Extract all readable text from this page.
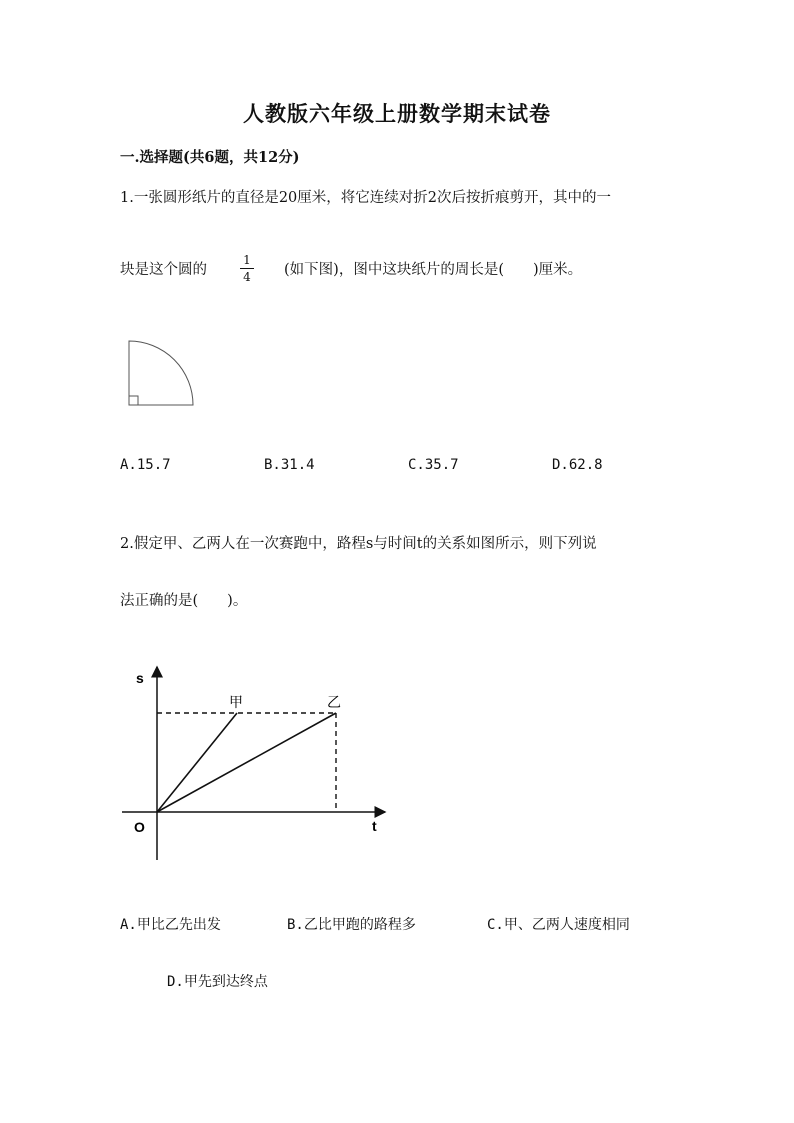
人教版六年级上册数学期末试卷
一.选择题(共6题，共12分)
1.一张圆形纸片的直径是20厘米，将它连续对折2次后按折痕剪开，其中的一
块是这个圆的
1
4	(如下图)，图中这块纸片的周长是(　　)厘米。
A.15.7	B.31.4	C.35.7	D.62.8
2.假定甲、乙两人在一次赛跑中，路程s与时间t的关系如图所示，则下列说
法正确的是(　　)。
s
t
O
甲	乙
A.甲比乙先出发	B.乙比甲跑的路程多	C.甲、乙两人速度相同
D.甲先到达终点
